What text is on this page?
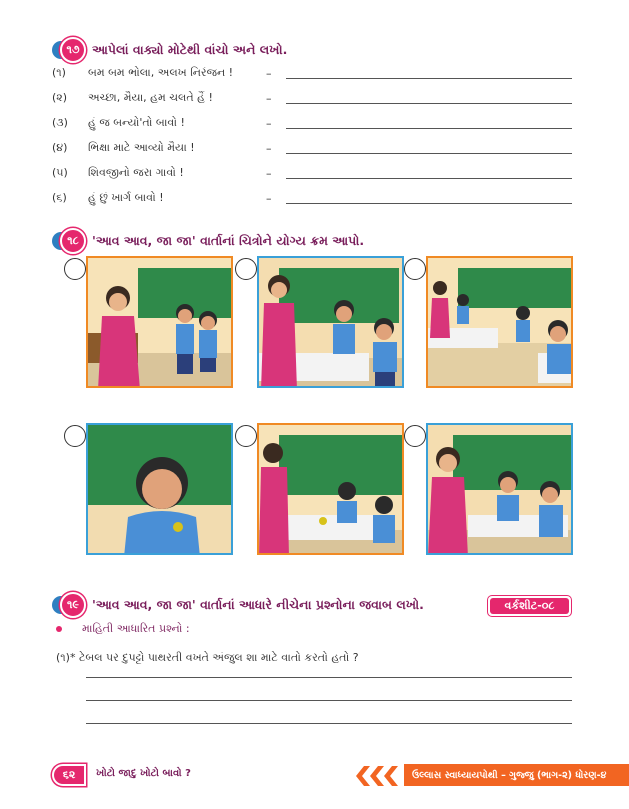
૧૭ આપેલાં વાક્યો મોટેથી વાંચો અને લખો.
(૧)	બમ બમ ભોલા, અલખ નિરંજન !	–
(૨)	અચ્છા, મૈયા, હમ ચલતે હૈં !	–
(૩)	હું જ બન્યો'તો બાવો !	–
(૪)	ભિક્ષા માટે આવ્યો મૈયા !	–
(૫)	શિવજીનો જરા ગાવો !	–
(૬)	હું છું ખાર્ગ બાવો !	–
૧૮	'આવ આવ, જા જા' વાર્તાનાં ચિત્રોને યોગ્ય ક્રમ આપો.
૧૯	'આવ આવ, જા જા' વાર્તાનાં આધારે નીચેના પ્રશ્નોના જવાબ લખો.	વર્કશીટ-૦૮
માહિતી આધારિત પ્રશ્નો :
(૧)* ટેબલ પર દુપટ્ટો પાથરતી વખતે અંજુલ શા માટે વાતો કરતો હતો ?
૬૨ ખોટો જાદુ ખોટો બાવો ?	ઉલ્લાસ સ્વાધ્યાયપોથી – ગુજ્જુ (ભાગ-૨) ધોરણ-૪
